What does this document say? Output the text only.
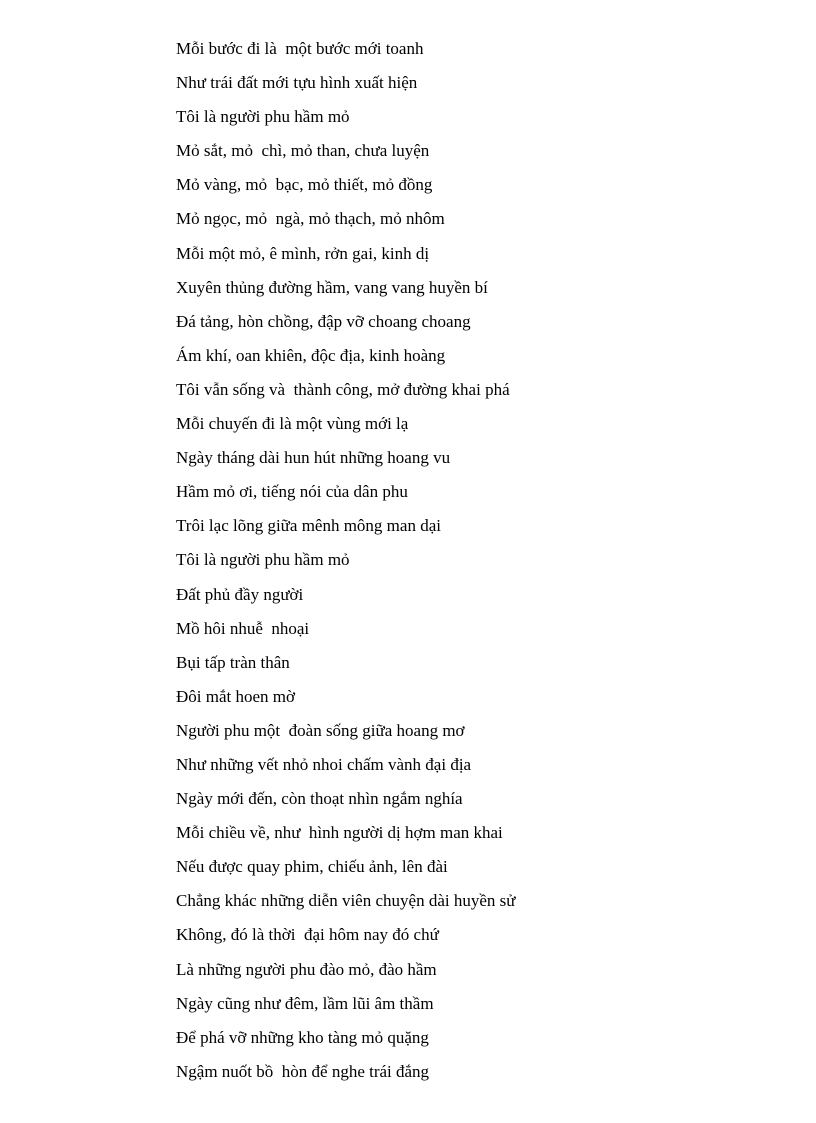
Mỗi bước đi là  một bước mới toanh
Như trái đất mới tựu hình xuất hiện
Tôi là người phu hầm mỏ
Mỏ sắt, mỏ  chì, mỏ than, chưa luyện
Mỏ vàng, mỏ  bạc, mỏ thiết, mỏ đồng
Mỏ ngọc, mỏ  ngà, mỏ thạch, mỏ nhôm
Mỗi một mỏ, ê mình, rởn gai, kinh dị
Xuyên thủng đường hầm, vang vang huyền bí
Đá tảng, hòn chồng, đập vỡ choang choang
Ám khí, oan khiên, độc địa, kinh hoàng
Tôi vẫn sống và  thành công, mở đường khai phá
Mỗi chuyến đi là một vùng mới lạ
Ngày tháng dài hun hút những hoang vu
Hầm mỏ ơi, tiếng nói của dân phu
Trôi lạc lõng giữa mênh mông man dại
Tôi là người phu hầm mỏ
Đất phủ đầy người
Mồ hôi nhuễ  nhoại
Bụi tấp tràn thân
Đôi mắt hoen mờ
Người phu một  đoàn sống giữa hoang mơ
Như những vết nhỏ nhoi chấm vành đại địa
Ngày mới đến, còn thoạt nhìn ngắm nghía
Mỗi chiều về, như  hình người dị hợm man khai
Nếu được quay phim, chiếu ảnh, lên đài
Chẳng khác những diễn viên chuyện dài huyền sử
Không, đó là thời  đại hôm nay đó chứ
Là những người phu đào mỏ, đào hầm
Ngày cũng như đêm, lầm lũi âm thầm
Để phá vỡ những kho tàng mỏ quặng
Ngậm nuốt bồ  hòn để nghe trái đắng
